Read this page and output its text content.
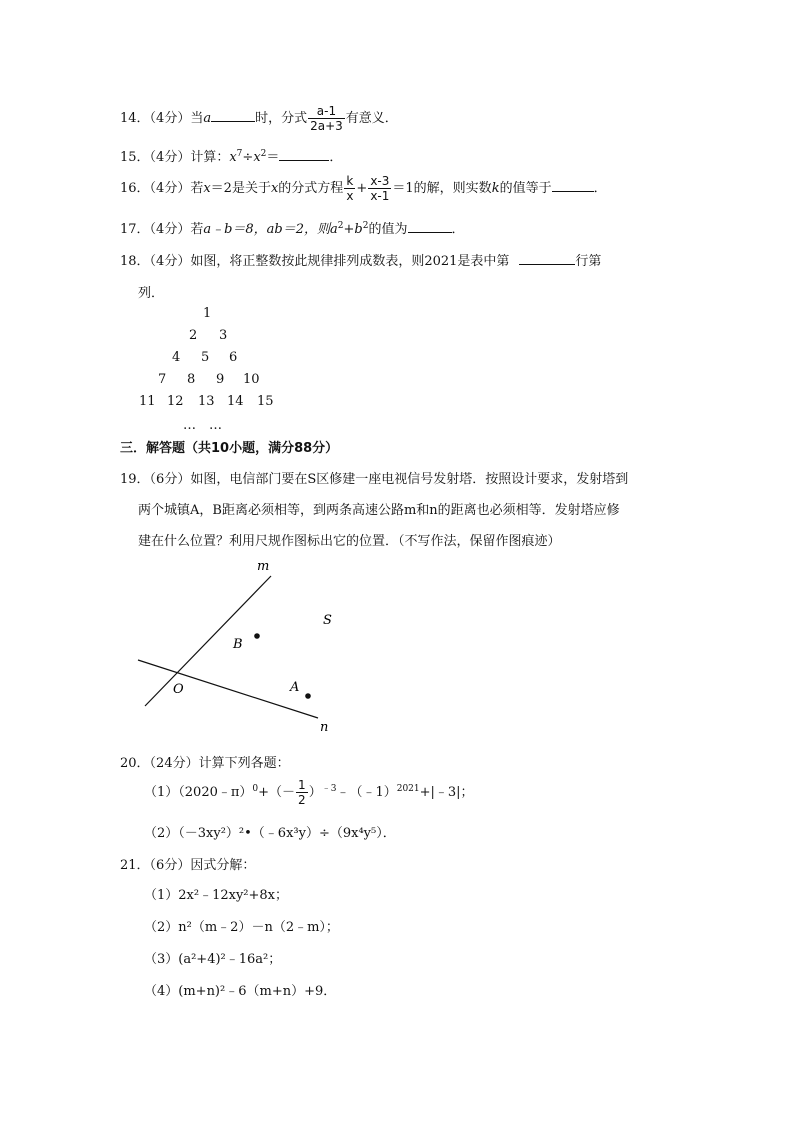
14．（4分）当a	时，分式 $\frac{a-1}{2a+3}$ 有意义．
15．（4分）计算：$x^7\div x^2=$	．
16．（4分）若x＝2是关于x的分式方程 $\frac{k}{x} + \frac{x-3}{x-1} =1$的解，则实数k的值等于	．
17．（4分）若a﹣b＝8，ab＝2，则$a^2+b^2$的值为	．
18．（4分）如图，将正整数按此规律排列成数表，则2021是表中第	行第
列．
1
2 3
4 5 6
7 8 9 10
11 12 13 14 15
…　…
三．解答题（共10小题，满分88分）
19．（6分）如图，电信部门要在S区修建一座电视信号发射塔．按照设计要求，发射塔到
两个城镇A，B距离必须相等，到两条高速公路m和n的距离也必须相等．发射塔应修
建在什么位置？利用尺规作图标出它的位置．（不写作法，保留作图痕迹）
m
n
S
B
A
O
20．（24分）计算下列各题：
（1）（2020﹣π）$^0$+（－ $\frac{1}{2}$ ）$^{﹣3}$﹣（﹣1）$^{2021}$+|﹣3|；
（2）（－3xy²）²•（﹣6x³y）÷（9x⁴y⁵）．
21．（6分）因式分解：
（1）2x²﹣12xy²+8x；
（2）n²（m﹣2）－n（2﹣m）；
（3）(a²+4)²﹣16a²；
（4）(m+n)²﹣6（m+n）+9．
